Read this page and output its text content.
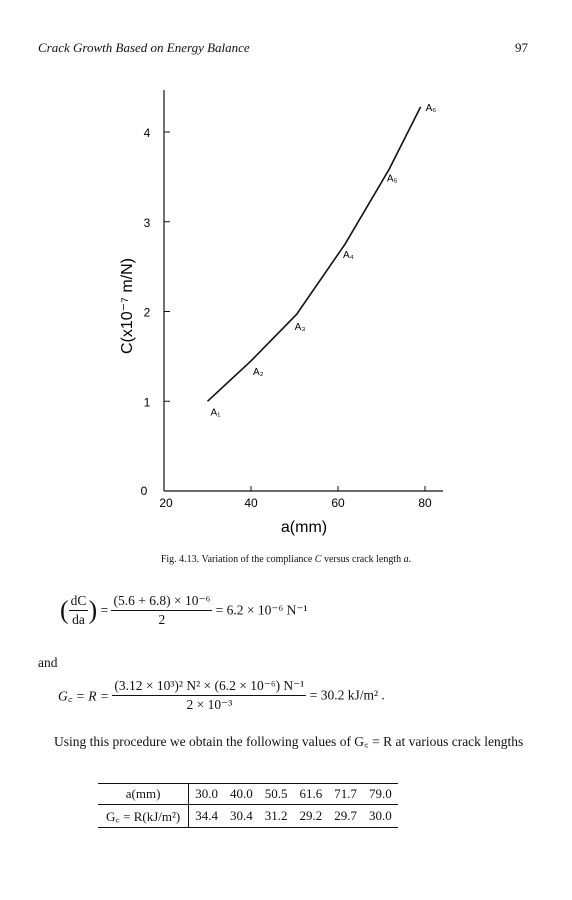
Crack Growth Based on Energy Balance	97
0
1
2
3
4
20	40	60	80
a(mm)
C(x10⁻⁷ m/N)
A₁
A₂
A₃
A₄
A₅
A₆
Fig. 4.13. Variation of the compliance C versus crack length a.
( $\frac{dC}{da}$ ) = $\frac{\text{(5.6 + 6.8) × 10⁻⁶}}{2} = 6.2 \times 10^{-6}$ N⁻¹
and
G꜀ = $R = \frac{\text{(3.12 × 10³)² N² × (6.2 × 10⁻⁶) N⁻¹}}{\text{2 × 10⁻³}} = 30.2$ kJ/m² .
Using this procedure we obtain the following values of G꜀ = R at various crack lengths
a(mm)	30.0	40.0	50.5	61.6	71.7	79.0
G꜀ = R(kJ/m²)	34.4	30.4	31.2	29.2	29.7	30.0
